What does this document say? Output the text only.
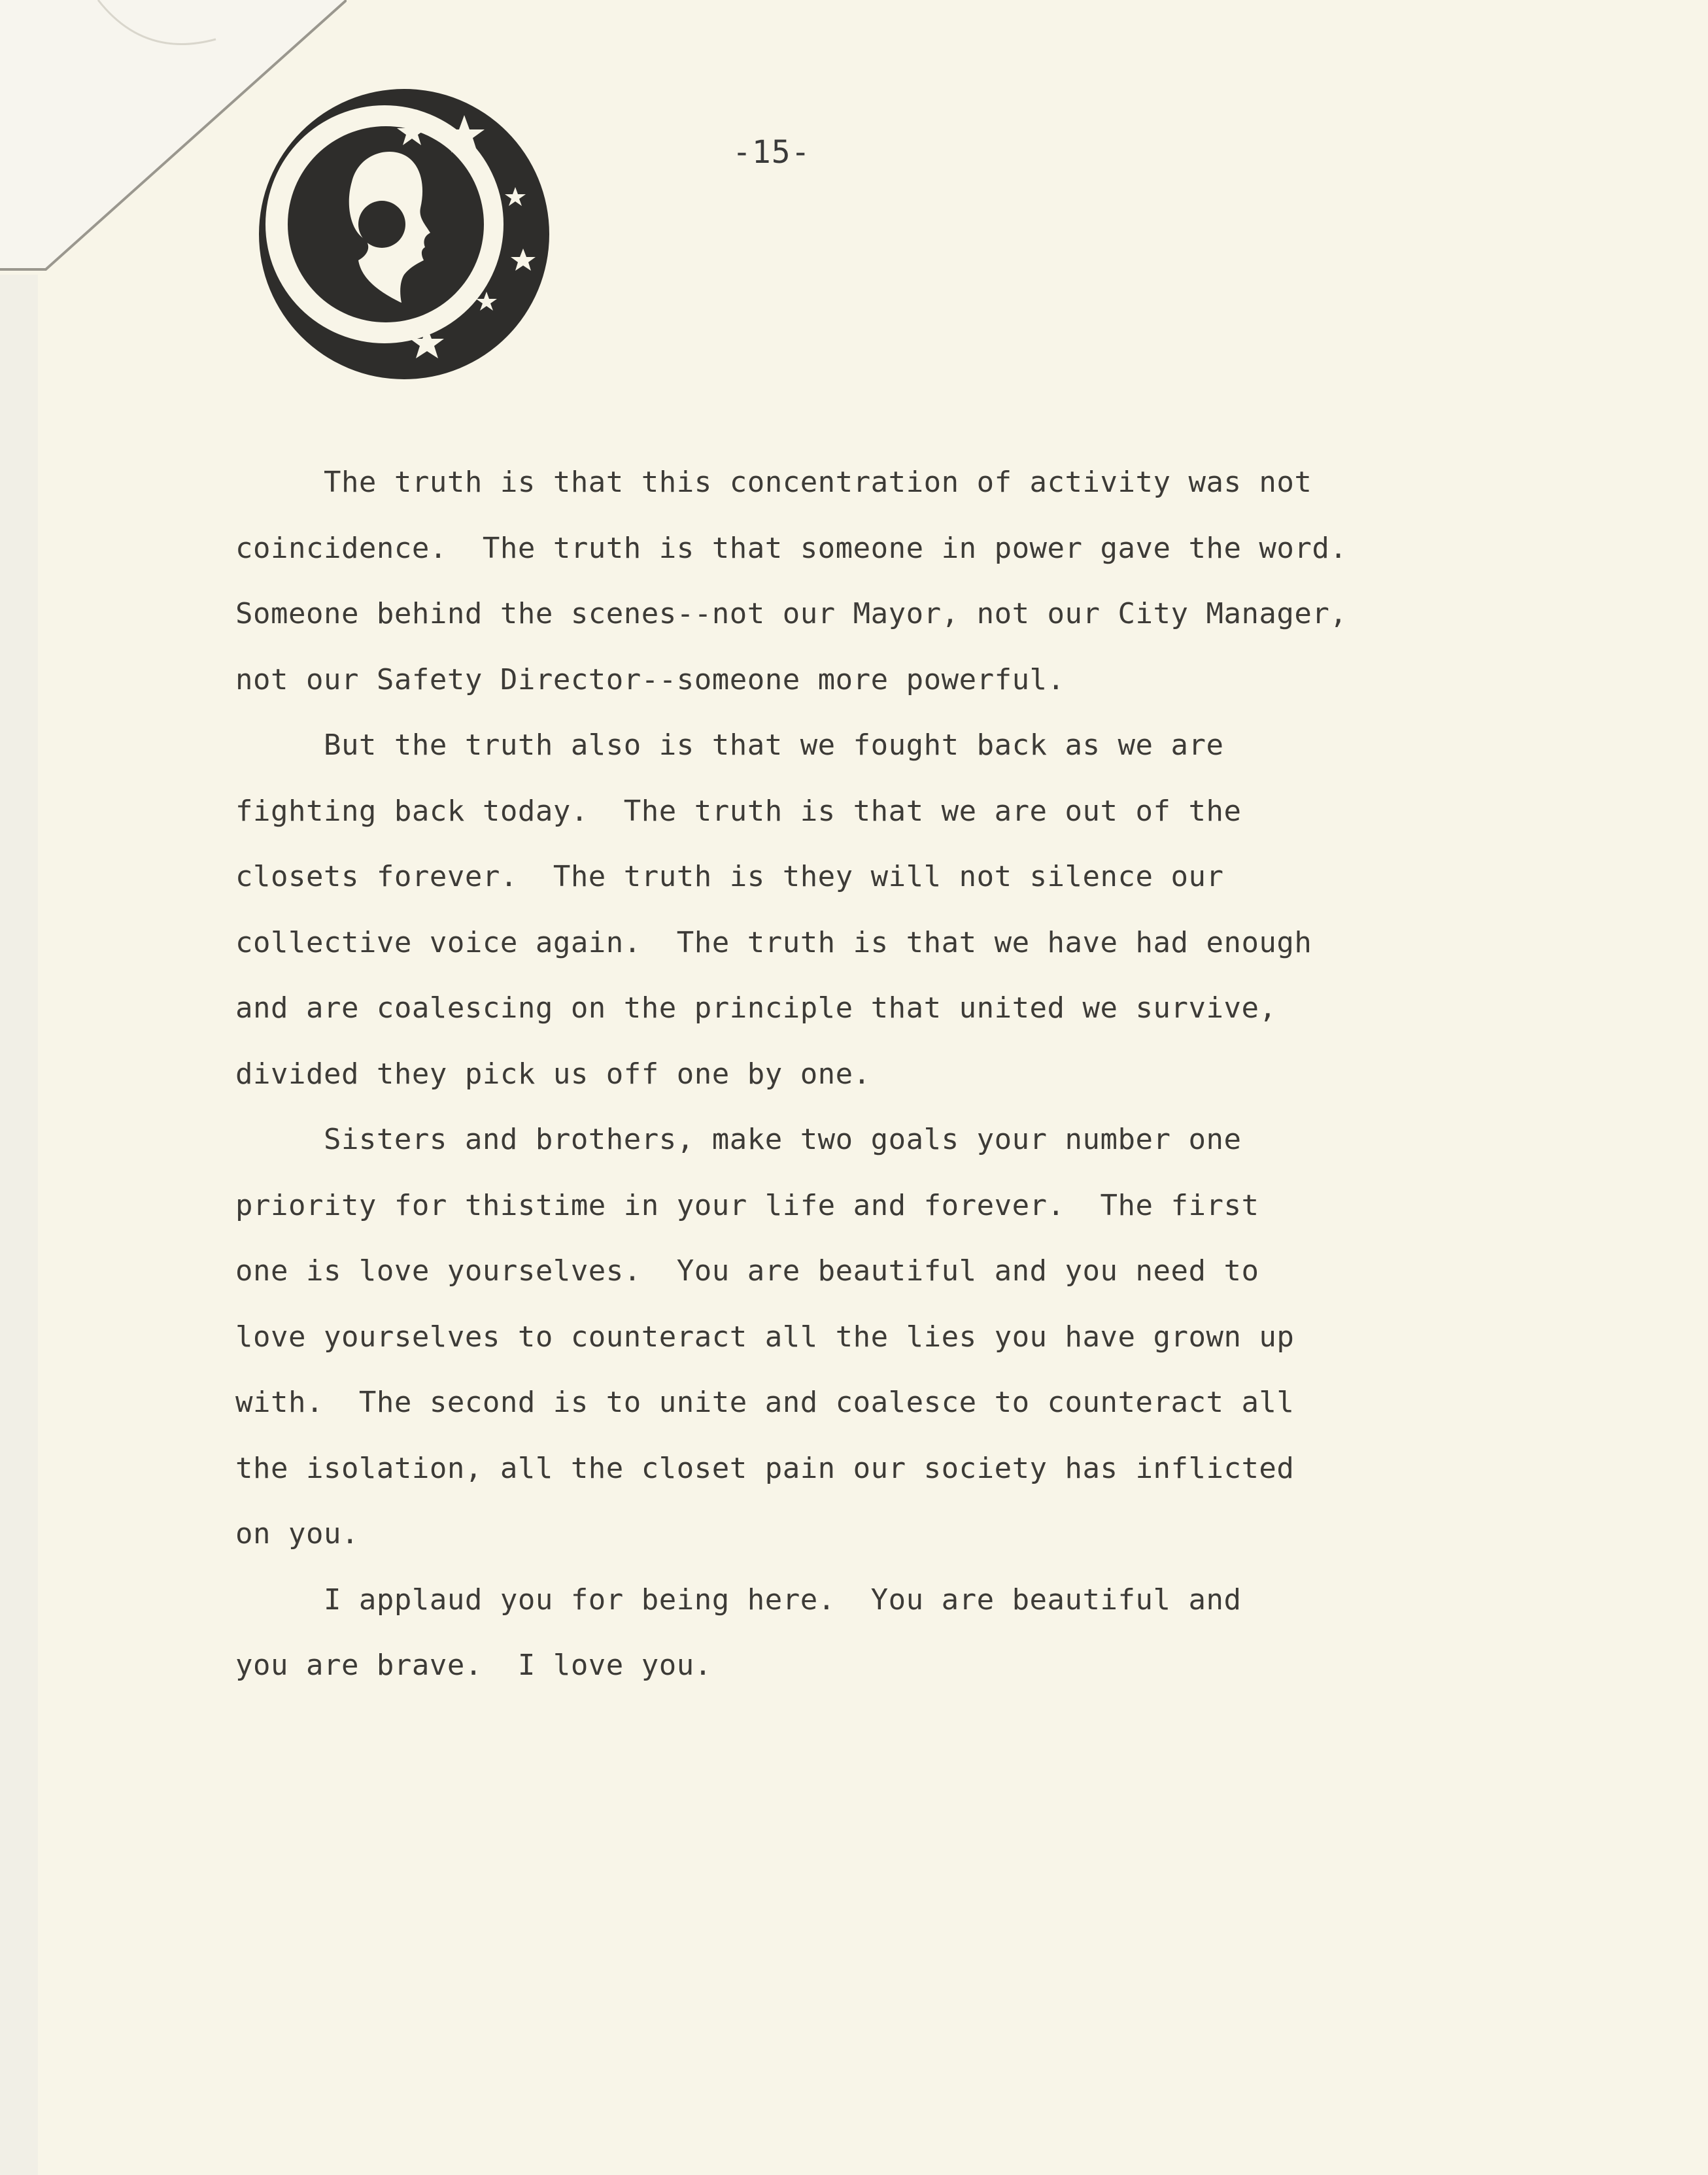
-15-
The truth is that this concentration of activity was not
coincidence.  The truth is that someone in power gave the word.
Someone behind the scenes--not our Mayor, not our City Manager,
not our Safety Director--someone more powerful.
But the truth also is that we fought back as we are
fighting back today.  The truth is that we are out of the
closets forever.  The truth is they will not silence our
collective voice again.  The truth is that we have had enough
and are coalescing on the principle that united we survive,
divided they pick us off one by one.
Sisters and brothers, make two goals your number one
priority for thistime in your life and forever.  The first
one is love yourselves.  You are beautiful and you need to
love yourselves to counteract all the lies you have grown up
with.  The second is to unite and coalesce to counteract all
the isolation, all the closet pain our society has inflicted
on you.
I applaud you for being here.  You are beautiful and
you are brave.  I love you.
